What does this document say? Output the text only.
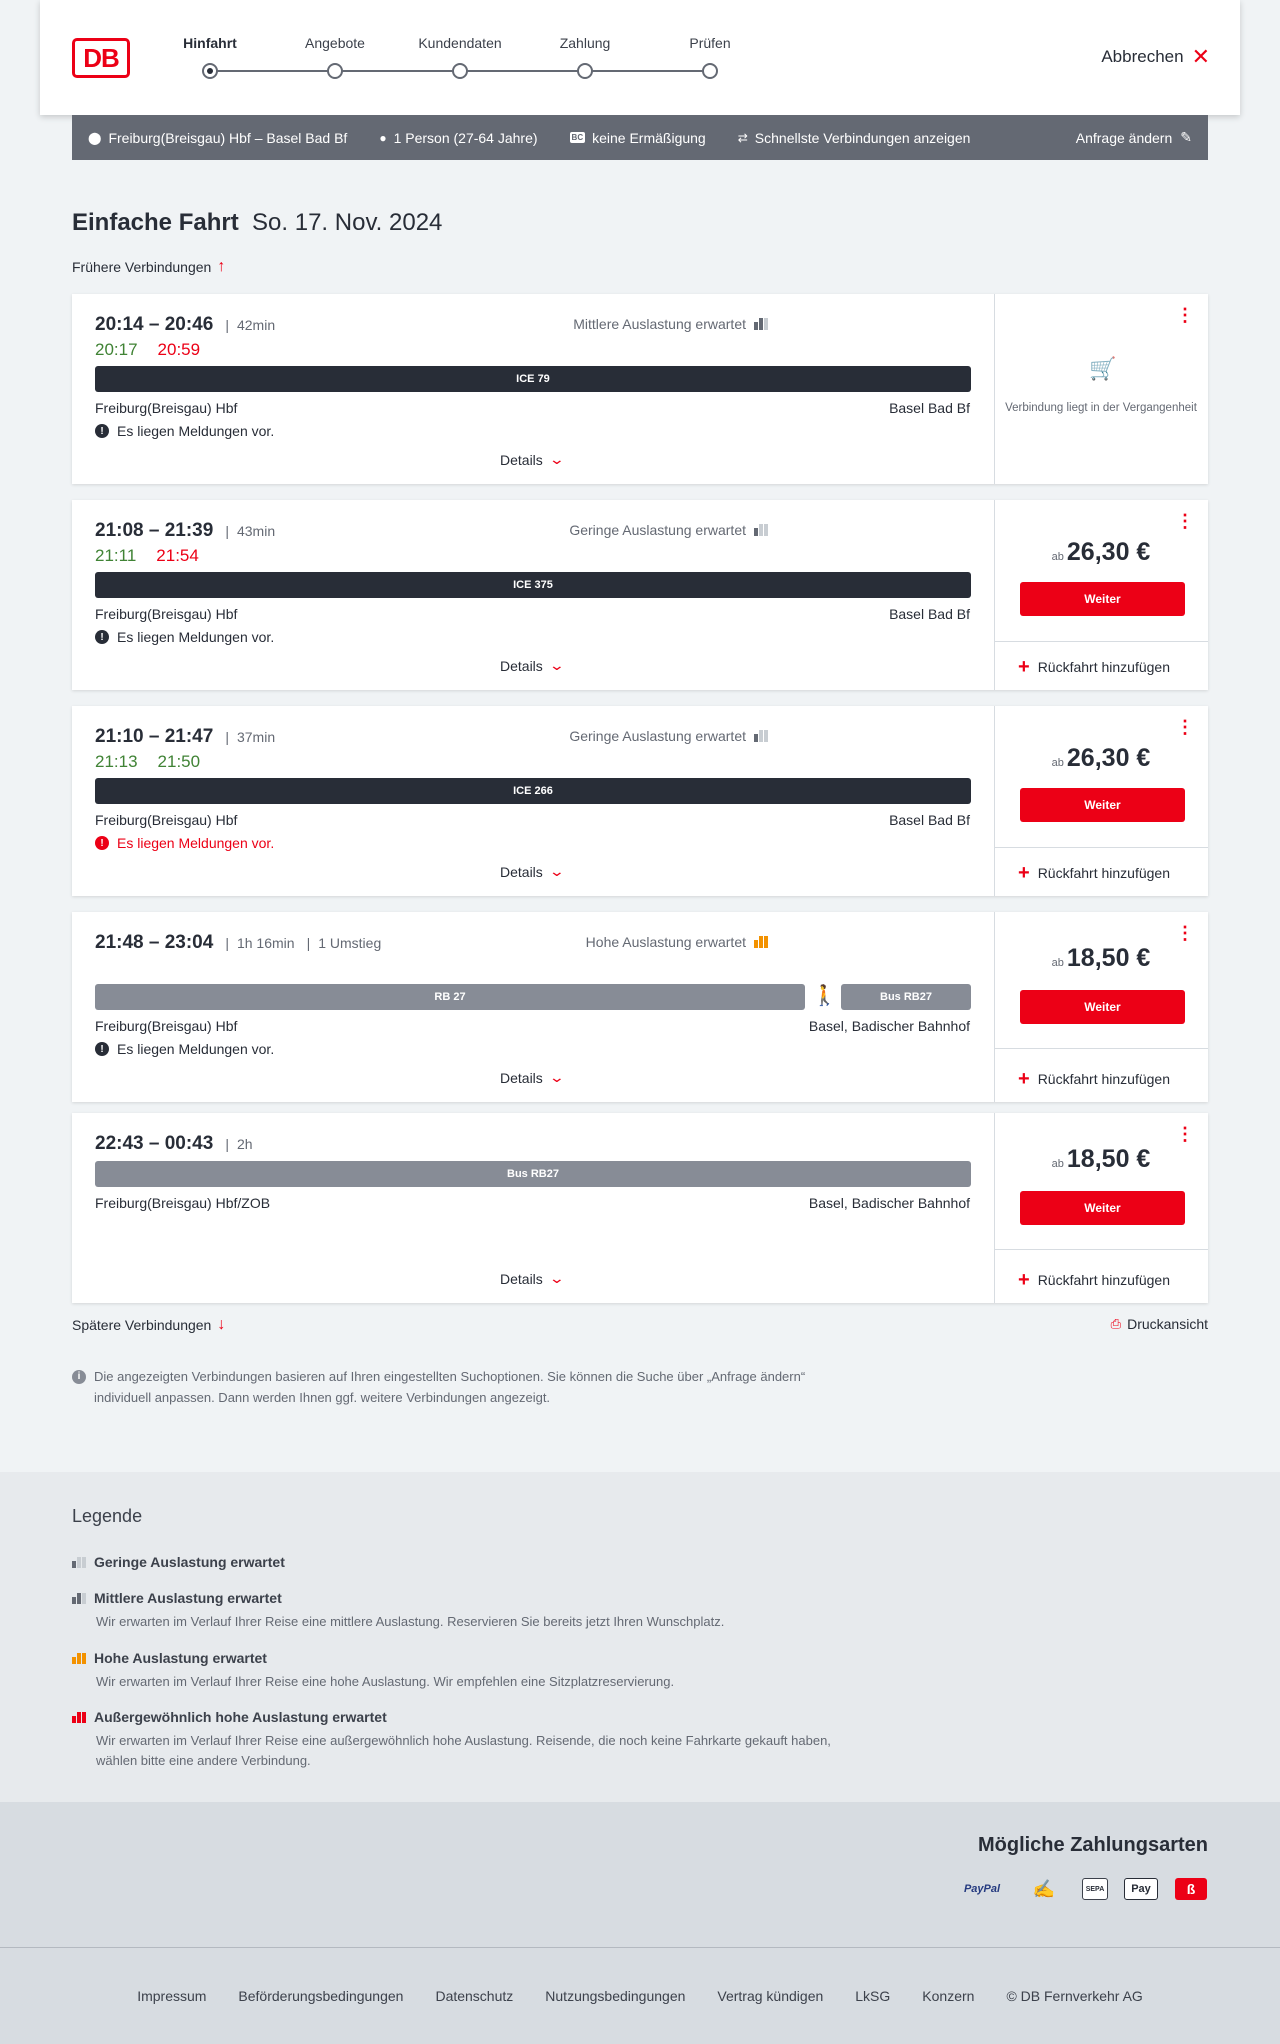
DB	Hinfahrt	Angebote	Kundendaten	Zahlung	Prüfen
Abbrechen ✕
⬤ Freiburg(Breisgau) Hbf – Basel Bad Bf	● 1 Person (27-64 Jahre)	BC keine Ermäßigung	⇄ Schnellste Verbindungen anzeigen	Anfrage ändern ✎
Einfache Fahrt So. 17. Nov. 2024
Frühere Verbindungen ↑
20:14 – 20:46 | 42min
20:17 20:59
Mittlere Auslastung erwartet
ICE 79
Freiburg(Breisgau) Hbf	Basel Bad Bf
! Es liegen Meldungen vor.
Details ⌄
⋮
🛒
Verbindung liegt in der Vergangenheit
21:08 – 21:39 | 43min
21:11 21:54
Geringe Auslastung erwartet
ICE 375
Freiburg(Breisgau) Hbf	Basel Bad Bf
! Es liegen Meldungen vor.
Details ⌄
⋮
ab 26,30 €
Weiter
+ Rückfahrt hinzufügen
21:10 – 21:47 | 37min
21:13 21:50
Geringe Auslastung erwartet
ICE 266
Freiburg(Breisgau) Hbf	Basel Bad Bf
! Es liegen Meldungen vor.
Details ⌄
⋮
ab 26,30 €
Weiter
+ Rückfahrt hinzufügen
21:48 – 23:04 | 1h 16min | 1 Umstieg	Hohe Auslastung erwartet
RB 27	🚶	Bus RB27
Freiburg(Breisgau) Hbf	Basel, Badischer Bahnhof
! Es liegen Meldungen vor.
Details ⌄
⋮
ab 18,50 €
Weiter
+ Rückfahrt hinzufügen
22:43 – 00:43 | 2h
Bus RB27
Freiburg(Breisgau) Hbf/ZOB	Basel, Badischer Bahnhof
Details ⌄
⋮
ab 18,50 €
Weiter
+ Rückfahrt hinzufügen
Spätere Verbindungen ↓	⎙ Druckansicht
i	Die angezeigten Verbindungen basieren auf Ihren eingestellten Suchoptionen. Sie können die Suche über „Anfrage ändern“ individuell anpassen. Dann werden Ihnen ggf. weitere Verbindungen angezeigt.
Legende
Geringe Auslastung erwartet
Mittlere Auslastung erwartet
Wir erwarten im Verlauf Ihrer Reise eine mittlere Auslastung. Reservieren Sie bereits jetzt Ihren Wunschplatz.
Hohe Auslastung erwartet
Wir erwarten im Verlauf Ihrer Reise eine hohe Auslastung. Wir empfehlen eine Sitzplatzreservierung.
Außergewöhnlich hohe Auslastung erwartet
Wir erwarten im Verlauf Ihrer Reise eine außergewöhnlich hohe Auslastung. Reisende, die noch keine Fahrkarte gekauft haben, wählen bitte eine andere Verbindung.
Mögliche Zahlungsarten
PayPal	✍	SEPA	Pay	ß
Impressum Beförderungsbedingungen Datenschutz Nutzungsbedingungen Vertrag kündigen LkSG Konzern © DB Fernverkehr AG
